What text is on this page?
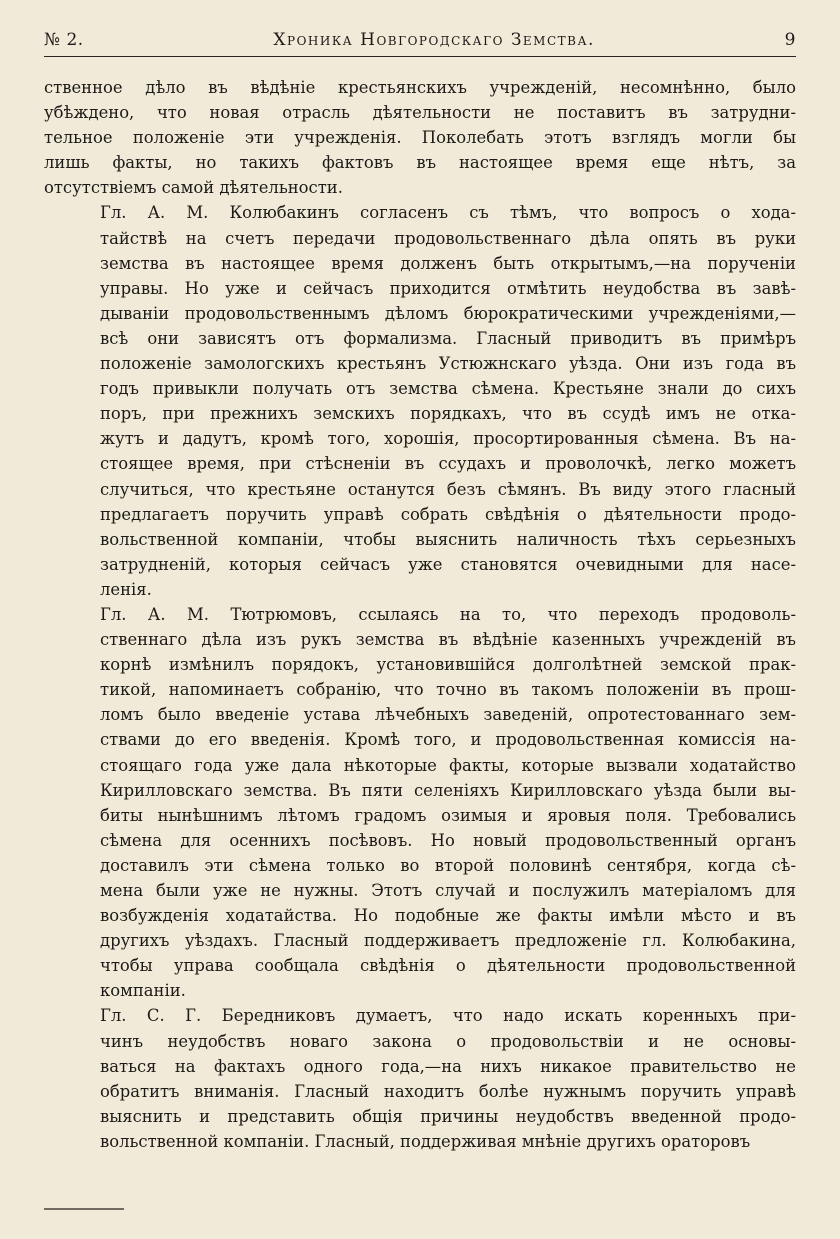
№ 2.	Хроника Новгородскаго Земства.	9

ственное дѣло въ вѣдѣніе крестьянскихъ учрежденій, несомнѣнно, было
убѣждено, что новая отрасль дѣятельности не поставитъ въ затрудни-
тельное положеніе эти учрежденія. Поколебать этотъ взглядъ могли бы
лишь факты, но такихъ фактовъ въ настоящее время еще нѣтъ, за
отсутствіемъ самой дѣятельности.

Гл. А. М. Колюбакинъ согласенъ съ тѣмъ, что вопросъ о хода-
тайствѣ на счетъ передачи продовольственнаго дѣла опять въ руки
земства въ настоящее время долженъ быть открытымъ,—на порученіи
управы. Но уже и сейчасъ приходится отмѣтить неудобства въ завѣ-
дываніи продовольственнымъ дѣломъ бюрократическими учрежденіями,—
всѣ они зависятъ отъ формализма. Гласный приводитъ въ примѣръ
положеніе замологскихъ крестьянъ Устюжнскаго уѣзда. Они изъ года въ
годъ привыкли получать отъ земства сѣмена. Крестьяне знали до сихъ
поръ, при прежнихъ земскихъ порядкахъ, что въ ссудѣ имъ не отка-
жутъ и дадутъ, кромѣ того, хорошія, просортированныя сѣмена. Въ на-
стоящее время, при стѣсненіи въ ссудахъ и проволочкѣ, легко можетъ
случиться, что крестьяне останутся безъ сѣмянъ. Въ виду этого гласный
предлагаетъ поручить управѣ собрать свѣдѣнія о дѣятельности продо-
вольственной компаніи, чтобы выяснить наличность тѣхъ серьезныхъ
затрудненій, которыя сейчасъ уже становятся очевидными для насе-
ленія.

Гл. А. М. Тютрюмовъ, ссылаясь на то, что переходъ продоволь-
ственнаго дѣла изъ рукъ земства въ вѣдѣніе казенныхъ учрежденій въ
корнѣ измѣнилъ порядокъ, установившійся долголѣтней земской прак-
тикой, напоминаетъ собранію, что точно въ такомъ положеніи въ прош-
ломъ было введеніе устава лѣчебныхъ заведеній, опротестованнаго зем-
ствами до его введенія. Кромѣ того, и продовольственная комиссія на-
стоящаго года уже дала нѣкоторые факты, которые вызвали ходатайство
Кирилловскаго земства. Въ пяти селеніяхъ Кирилловскаго уѣзда были вы-
биты нынѣшнимъ лѣтомъ градомъ озимыя и яровыя поля. Требовались
сѣмена для осеннихъ посѣвовъ. Но новый продовольственный органъ
доставилъ эти сѣмена только во второй половинѣ сентября, когда сѣ-
мена были уже не нужны. Этотъ случай и послужилъ матеріаломъ для
возбужденія ходатайства. Но подобные же факты имѣли мѣсто и въ
другихъ уѣздахъ. Гласный поддерживаетъ предложеніе гл. Колюбакина,
чтобы управа сообщала свѣдѣнія о дѣятельности продовольственной
компаніи.

Гл. С. Г. Бередниковъ думаетъ, что надо искать коренныхъ при-
чинъ неудобствъ новаго закона о продовольствіи и не основы-
ваться на фактахъ одного года,—на нихъ никакое правительство не
обратитъ вниманія. Гласный находитъ болѣе нужнымъ поручить управѣ
выяснить и представить общія причины неудобствъ введенной продо-
вольственной компаніи. Гласный, поддерживая мнѣніе другихъ ораторовъ
